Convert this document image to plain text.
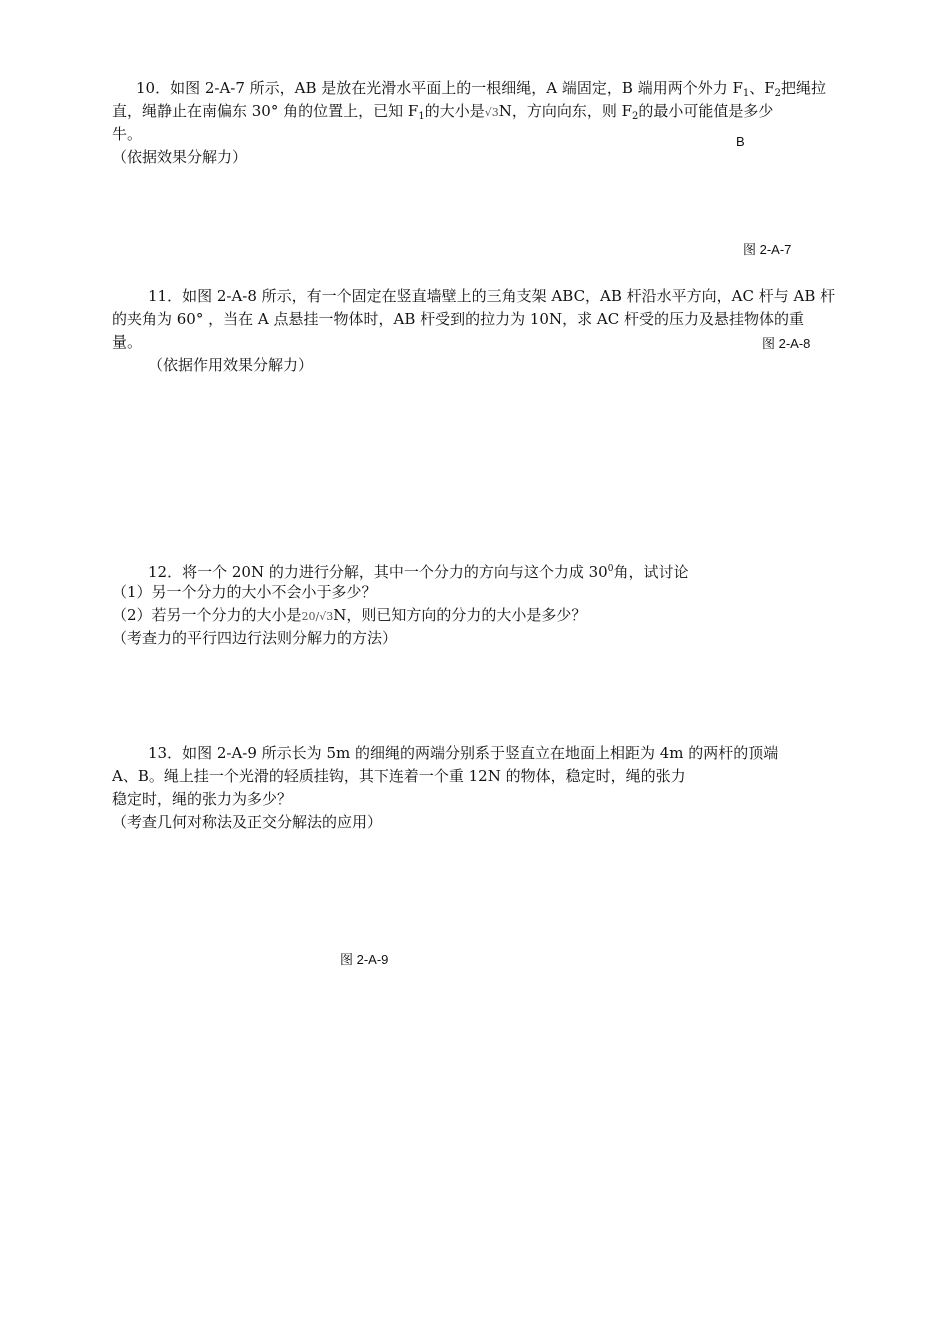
10．如图 2-A-7 所示，AB 是放在光滑水平面上的一根细绳，A 端固定，B 端用两个外力 $F_1$、$F_2$把绳拉
直，绳静止在南偏东 30° 角的位置上，已知 $F_1$的大小是√3N，方向向东，则 $F_2$的最小可能值是多少
牛。
（依据效果分解力）
B
图 2-A-7
11．如图 2-A-8 所示，有一个固定在竖直墙壁上的三角支架 ABC，AB 杆沿水平方向，AC 杆与 AB 杆
的夹角为 60° ，当在 A 点悬挂一物体时，AB 杆受到的拉力为 10N，求 AC 杆受的压力及悬挂物体的重
量。	图 2-A-8
（依据作用效果分解力）
12．将一个 20N 的力进行分解，其中一个分力的方向与这个力成 $30^0$角，试讨论
（1）另一个分力的大小不会小于多少？
（2）若另一个分力的大小是20/√3N，则已知方向的分力的大小是多少？
（考查力的平行四边行法则分解力的方法）
13．如图 2-A-9 所示长为 5m 的细绳的两端分别系于竖直立在地面上相距为 4m 的两杆的顶端
A、B。绳上挂一个光滑的轻质挂钩，其下连着一个重 12N 的物体，稳定时，绳的张力
稳定时，绳的张力为多少？
（考查几何对称法及正交分解法的应用）
图 2-A-9
